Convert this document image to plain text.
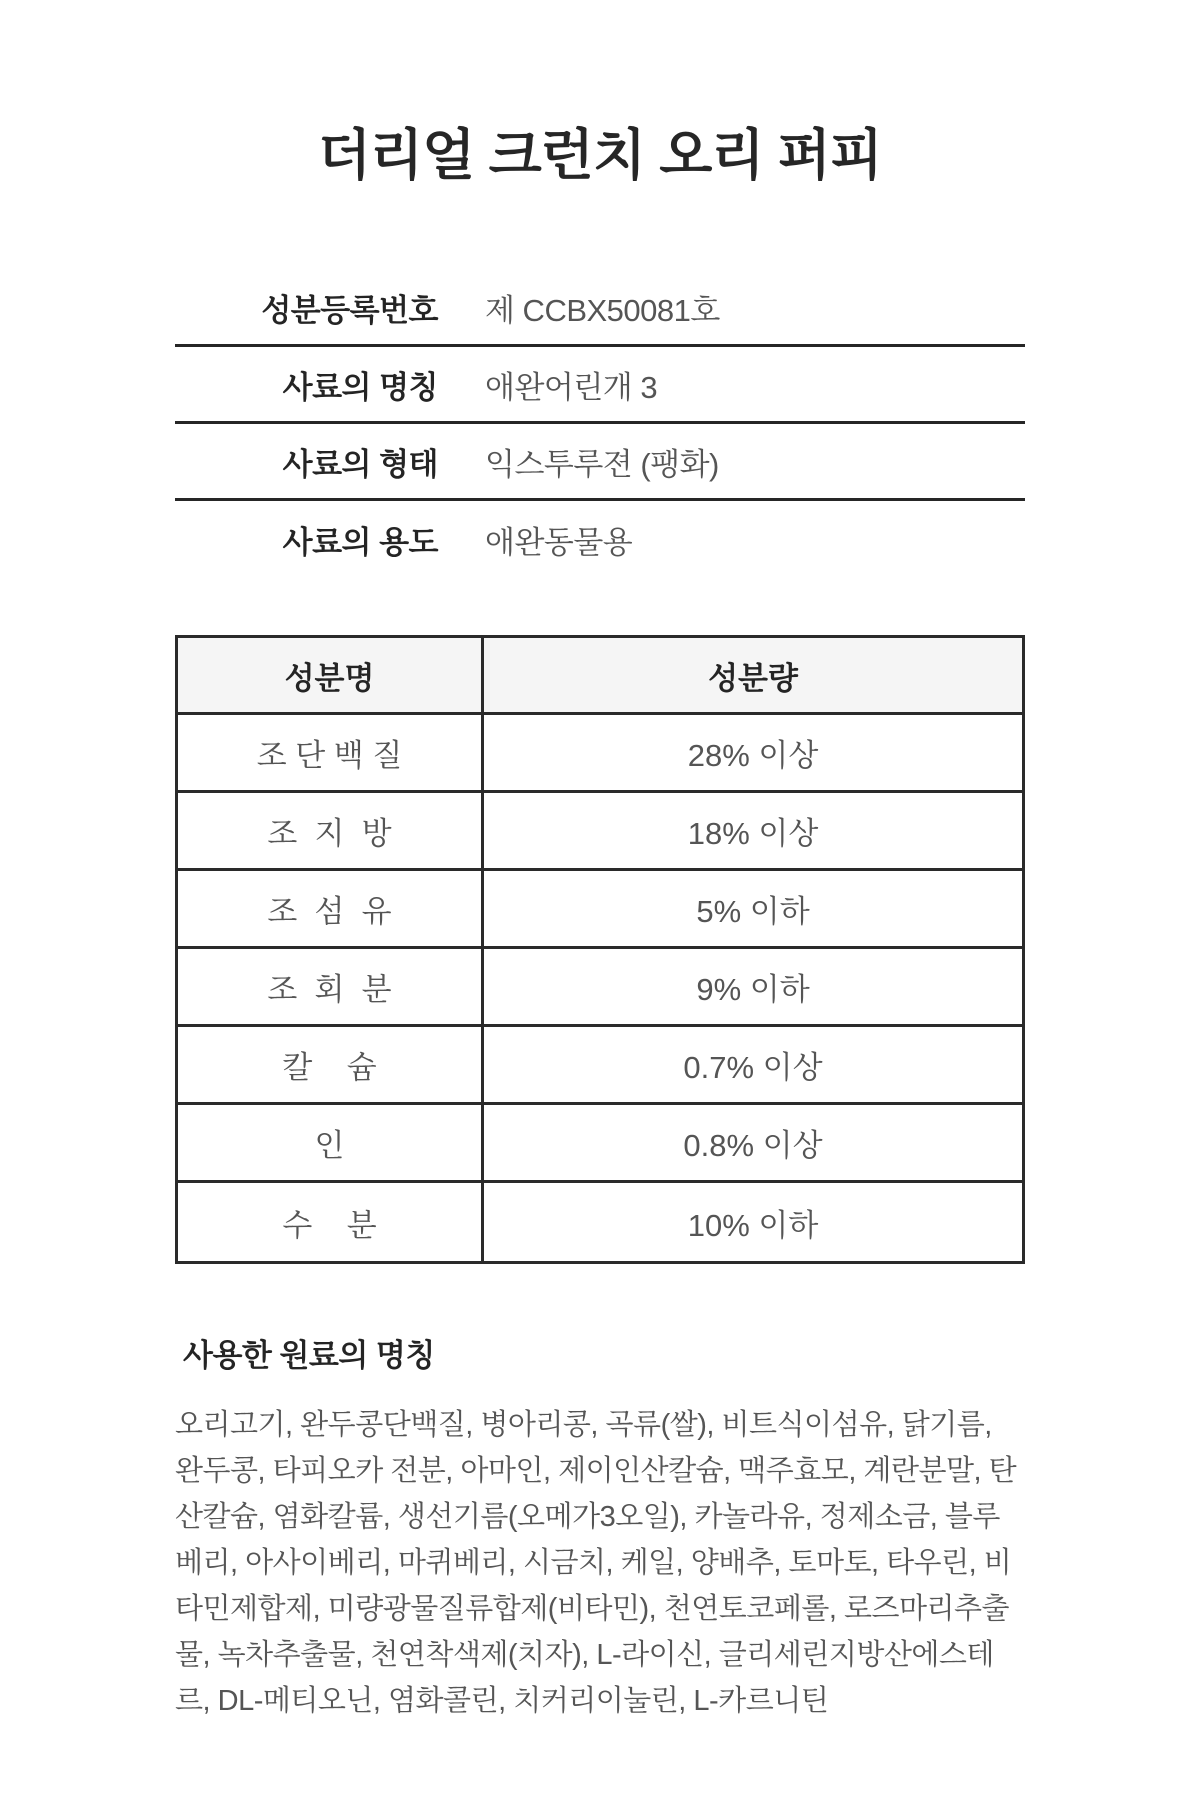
더리얼 크런치 오리 퍼피
성분등록번호 제 CCBX50081호
사료의 명칭 애완어린개 3
사료의 형태 익스투루젼 (팽화)
사료의 용도 애완동물용
성분명	성분량
조 단 백 질	28% 이상
조  지  방	18% 이상
조  섬  유	5% 이하
조  회  분	9% 이하
칼    슘	0.7% 이상
인	0.8% 이상
수    분	10% 이하
사용한 원료의 명칭

오리고기, 완두콩단백질, 병아리콩, 곡류(쌀), 비트식이섬유, 닭기름, 완두콩, 타피오카 전분, 아마인, 제이인산칼슘, 맥주효모, 계란분말, 탄산칼슘, 염화칼륨, 생선기름(오메가3오일), 카놀라유, 정제소금, 블루베리, 아사이베리, 마퀴베리, 시금치, 케일, 양배추, 토마토, 타우린, 비타민제합제, 미량광물질류합제(비타민), 천연토코페롤, 로즈마리추출물, 녹차추출물, 천연착색제(치자), L-라이신, 글리세린지방산에스테르, DL-메티오닌, 염화콜린, 치커리이눌린, L-카르니틴
